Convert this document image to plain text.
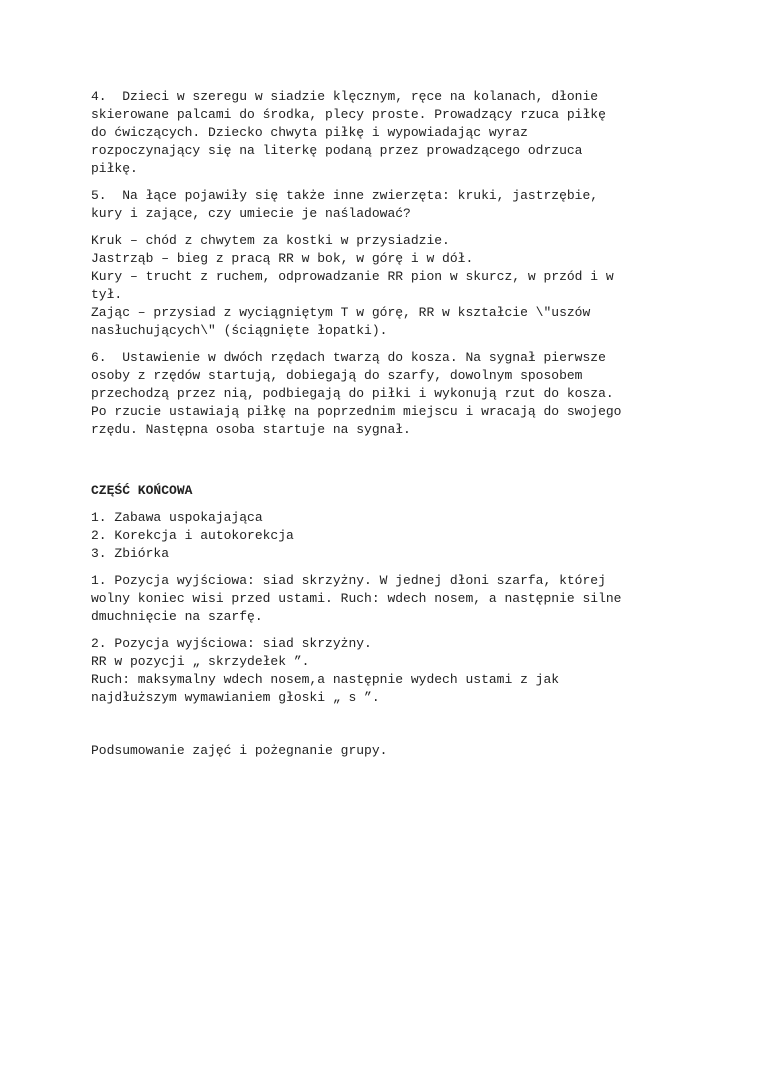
4.  Dzieci w szeregu w siadzie klęcznym, ręce na kolanach, dłonie
skierowane palcami do środka, plecy proste. Prowadzący rzuca piłkę
do ćwiczących. Dziecko chwyta piłkę i wypowiadając wyraz
rozpoczynający się na literkę podaną przez prowadzącego odrzuca
piłkę.
5.  Na łące pojawiły się także inne zwierzęta: kruki, jastrzębie,
kury i zające, czy umiecie je naśladować?
Kruk – chód z chwytem za kostki w przysiadzie.
Jastrząb – bieg z pracą RR w bok, w górę i w dół.
Kury – trucht z ruchem, odprowadzanie RR pion w skurcz, w przód i w
tył.
Zając – przysiad z wyciągniętym T w górę, RR w kształcie \"uszów
nasłuchujących\" (ściągnięte łopatki).
6.  Ustawienie w dwóch rzędach twarzą do kosza. Na sygnał pierwsze
osoby z rzędów startują, dobiegają do szarfy, dowolnym sposobem
przechodzą przez nią, podbiegają do piłki i wykonują rzut do kosza.
Po rzucie ustawiają piłkę na poprzednim miejscu i wracają do swojego
rzędu. Następna osoba startuje na sygnał.
CZĘŚĆ KOŃCOWA
1. Zabawa uspokajająca
2. Korekcja i autokorekcja
3. Zbiórka
1. Pozycja wyjściowa: siad skrzyżny. W jednej dłoni szarfa, której
wolny koniec wisi przed ustami. Ruch: wdech nosem, a następnie silne
dmuchnięcie na szarfę.
2. Pozycja wyjściowa: siad skrzyżny.
RR w pozycji „ skrzydełek ”.
Ruch: maksymalny wdech nosem,a następnie wydech ustami z jak
najdłuższym wymawianiem głoski „ s ”.
Podsumowanie zajęć i pożegnanie grupy.
